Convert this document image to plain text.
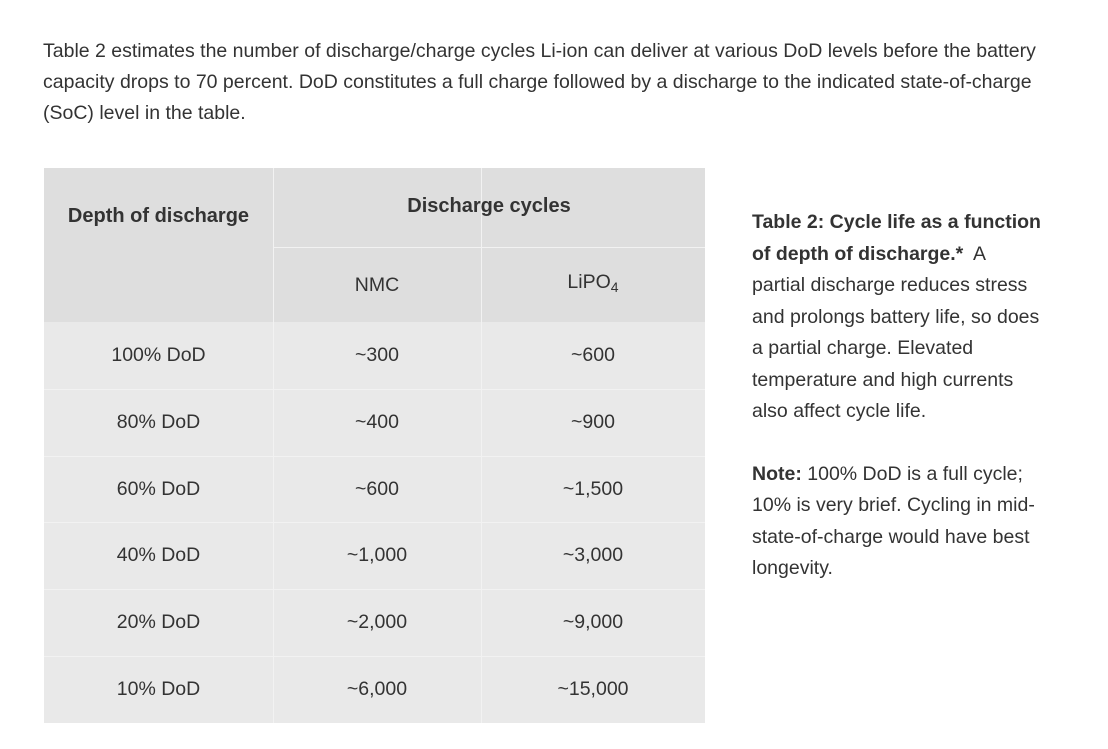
Table 2 estimates the number of discharge/charge cycles Li-ion can deliver at various DoD levels before the battery capacity drops to 70 percent. DoD constitutes a full charge followed by a discharge to the indicated state-of-charge (SoC) level in the table.
Depth of discharge	Discharge cycles
NMC	LiPO$_4$
100% DoD	~300	~600
80% DoD	~400	~900
60% DoD	~600	~1,500
40% DoD	~1,000	~3,000
20% DoD	~2,000	~9,000
10% DoD	~6,000	~15,000

Table 2: Cycle life as a function of depth of discharge.* A partial discharge reduces stress and prolongs battery life, so does a partial charge. Elevated temperature and high currents also affect cycle life.

Note: 100% DoD is a full cycle; 10% is very brief. Cycling in mid-state-of-charge would have best longevity.
